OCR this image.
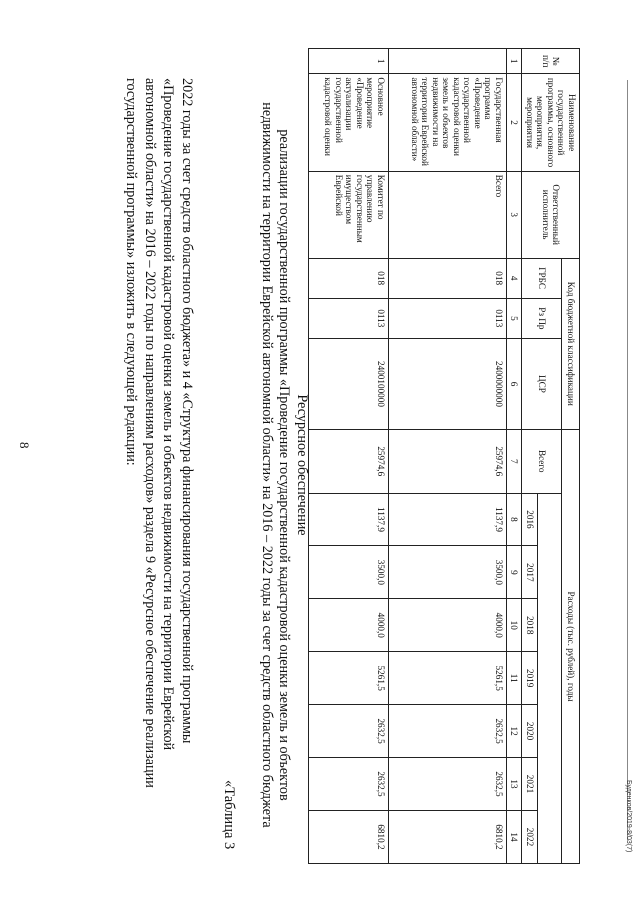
Буденков/2019-8/03(7)
№ п/п	Наименование государственной программы, основного мероприятия, мероприятия	Ответственный исполнитель	Код бюджетной классификации			Расходы (тыс. рублей), годы							
			ГРБС	Рз Пр	ЦСР	Всего							
							2016	2017	2018	2019	2020	2021	2022
1	2	3	4	5	6	7	8	9	10	11	12	13	14
	Государственная программа «Проведение государственной кадастровой оценки земель и объектов недвижимости на территории Еврейской автономной области»	Всего	018	0113	2400000000	25974,6	1137,9	3500,0	4000,0	5261,5	2632,5	2632,5	6810,2
1	Основное мероприятие «Проведение актуализации государственной кадастровой оценки	Комитет по управлению государственным имуществом Еврейской	018	0113	2400100000	25974,6	1137,9	3500,0	4000,0	5261,5	2632,5	2632,5	6810,2
Ресурсное обеспечение
реализации государственной программы «Проведение государственной кадастровой оценки земель и объектов
недвижимости на территории Еврейской автономной области» на 2016 – 2022 годы за счет средств областного бюджета
«Таблица 3
2022 годы за счет средств областного бюджета» и 4 «Структура финансирования государственной программы
«Проведение государственной кадастровой оценки земель и объектов недвижимости на территории Еврейской
автономной области» на 2016 – 2022 годы по направлениям расходов» раздела 9 «Ресурсное обеспечение реализации
государственной программы» изложить в следующей редакции:
8
